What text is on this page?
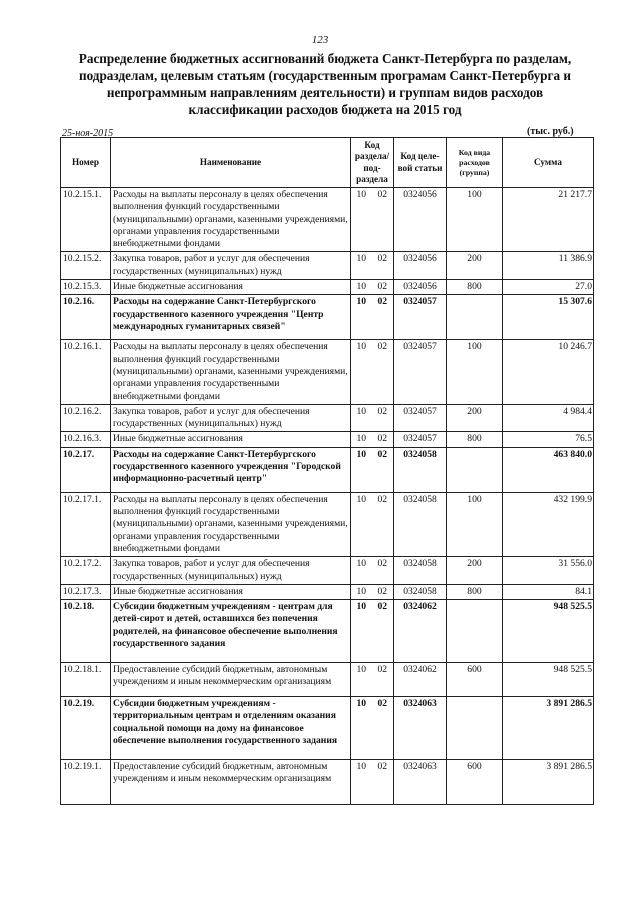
123
Распределение бюджетных ассигнований бюджета Санкт-Петербурга по разделам, подразделам, целевым статьям (государственным програмам Санкт-Петербурга и непрограммным направлениям деятельности) и группам видов расходов классификации расходов бюджета на 2015 год
25-ноя-2015	(тыс. руб.)
Номер	Наименование	Код раздела/ под-раздела		Код целе-вой статьи	Код вида расходов (группа)	Сумма
10.2.15.1.	Расходы на выплаты персоналу в целях обеспечения выполнения функций государственными (муниципальными) органами, казенными учреждениями, органами управления государственными внебюджетными фондами	10	02	0324056	100	21 217.7
10.2.15.2.	Закупка товаров, работ и услуг для обеспечения государственных (муниципальных) нужд	10	02	0324056	200	11 386.9
10.2.15.3.	Иные бюджетные ассигнования	10	02	0324056	800	27.0
10.2.16.	Расходы на содержание Санкт-Петербургского государственного казенного учреждения "Центр международных гуманитарных связей"	10	02	0324057		15 307.6
10.2.16.1.	Расходы на выплаты персоналу в целях обеспечения выполнения функций государственными (муниципальными) органами, казенными учреждениями, органами управления государственными внебюджетными фондами	10	02	0324057	100	10 246.7
10.2.16.2.	Закупка товаров, работ и услуг для обеспечения государственных (муниципальных) нужд	10	02	0324057	200	4 984.4
10.2.16.3.	Иные бюджетные ассигнования	10	02	0324057	800	76.5
10.2.17.	Расходы на содержание Санкт-Петербургского государственного казенного учреждения "Городской информационно-расчетный центр"	10	02	0324058		463 840.0
10.2.17.1.	Расходы на выплаты персоналу в целях обеспечения выполнения функций государственными (муниципальными) органами, казенными учреждениями, органами управления государственными внебюджетными фондами	10	02	0324058	100	432 199.9
10.2.17.2.	Закупка товаров, работ и услуг для обеспечения государственных (муниципальных) нужд	10	02	0324058	200	31 556.0
10.2.17.3.	Иные бюджетные ассигнования	10	02	0324058	800	84.1
10.2.18.	Субсидии бюджетным учреждениям - центрам для детей-сирот и детей, оставшихся без попечения родителей, на финансовое обеспечение выполнения государственного задания	10	02	0324062		948 525.5
10.2.18.1.	Предоставление субсидий бюджетным, автономным учреждениям и иным некоммерческим организациям	10	02	0324062	600	948 525.5
10.2.19.	Субсидии бюджетным учреждениям - территориальным центрам и отделениям оказания социальной помощи на дому на финансовое обеспечение выполнения государственного задания	10	02	0324063		3 891 286.5
10.2.19.1.	Предоставление субсидий бюджетным, автономным учреждениям и иным некоммерческим организациям	10	02	0324063	600	3 891 286.5
